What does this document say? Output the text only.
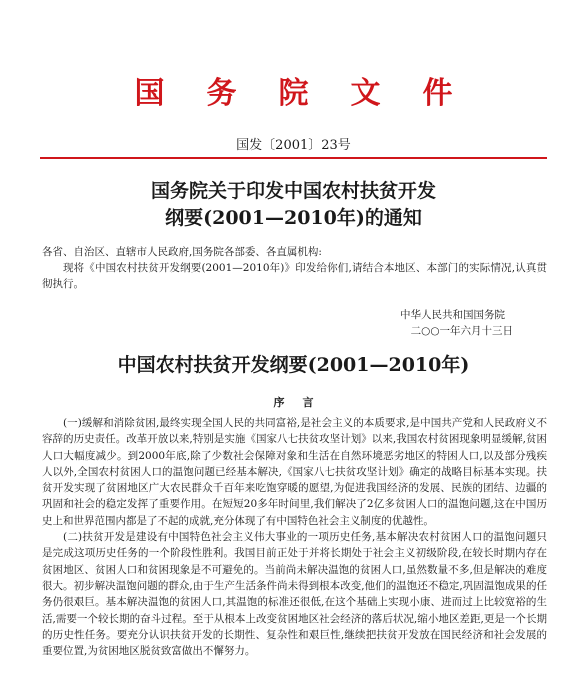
国务院文件
国发〔2001〕23号
国务院关于印发中国农村扶贫开发
纲要(2001—2010年)的通知
各省、自治区、直辖市人民政府,国务院各部委、各直属机构:

现将《中国农村扶贫开发纲要(2001—2010年)》印发给你们,请结合本地区、本部门的实际情况,认真贯彻执行。

中华人民共和国国务院
二○○一年六月十三日
中国农村扶贫开发纲要(2001—2010年)
序言

(一)缓解和消除贫困,最终实现全国人民的共同富裕,是社会主义的本质要求,是中国共产党和人民政府义不容辞的历史责任。改革开放以来,特别是实施《国家八七扶贫攻坚计划》以来,我国农村贫困现象明显缓解,贫困人口大幅度减少。到2000年底,除了少数社会保障对象和生活在自然环境恶劣地区的特困人口,以及部分残疾人以外,全国农村贫困人口的温饱问题已经基本解决,《国家八七扶贫攻坚计划》确定的战略目标基本实现。扶贫开发实现了贫困地区广大农民群众千百年来吃饱穿暖的愿望,为促进我国经济的发展、民族的团结、边疆的巩固和社会的稳定发挥了重要作用。在短短20多年时间里,我们解决了2亿多贫困人口的温饱问题,这在中国历史上和世界范围内都是了不起的成就,充分体现了有中国特色社会主义制度的优越性。

(二)扶贫开发是建设有中国特色社会主义伟大事业的一项历史任务,基本解决农村贫困人口的温饱问题只是完成这项历史任务的一个阶段性胜利。我国目前正处于并将长期处于社会主义初级阶段,在较长时期内存在贫困地区、贫困人口和贫困现象是不可避免的。当前尚未解决温饱的贫困人口,虽然数量不多,但是解决的难度很大。初步解决温饱问题的群众,由于生产生活条件尚未得到根本改变,他们的温饱还不稳定,巩固温饱成果的任务仍很艰巨。基本解决温饱的贫困人口,其温饱的标准还很低,在这个基础上实现小康、进而过上比较宽裕的生活,需要一个较长期的奋斗过程。至于从根本上改变贫困地区社会经济的落后状况,缩小地区差距,更是一个长期的历史性任务。要充分认识扶贫开发的长期性、复杂性和艰巨性,继续把扶贫开发放在国民经济和社会发展的重要位置,为贫困地区脱贫致富做出不懈努力。
